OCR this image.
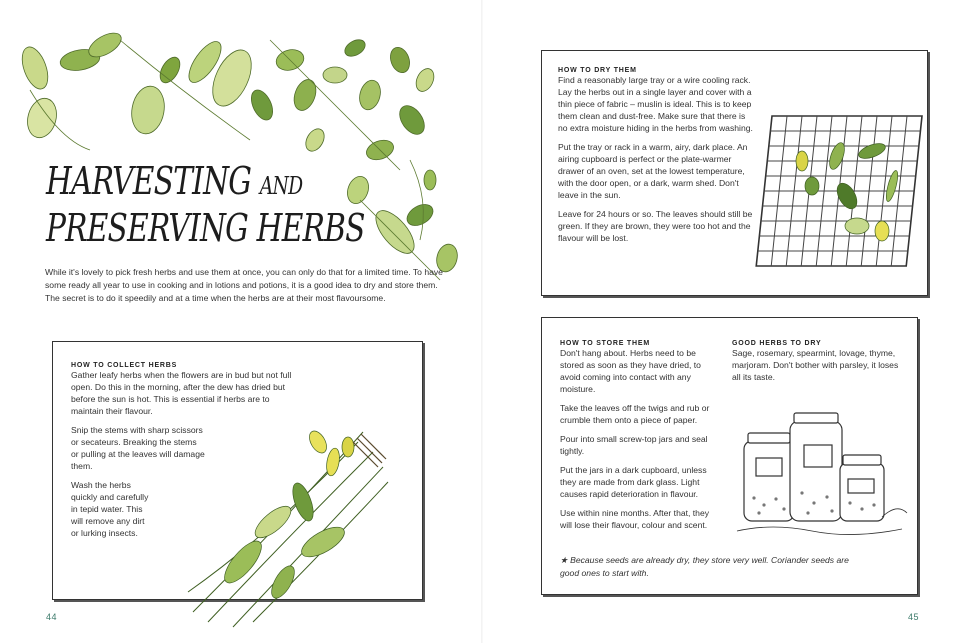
HARVESTING AND
PRESERVING HERBS
While it's lovely to pick fresh herbs and use them at once, you can only do that for a limited time. To have some ready all year to use in cooking and in lotions and potions, it is a good idea to dry and store them. The secret is to do it speedily and at a time when the herbs are at their most flavoursome.
HOW TO COLLECT HERBS

Gather leafy herbs when the flowers are in bud but not full open. Do this in the morning, after the dew has dried but before the sun is hot. This is essential if herbs are to maintain their flavour.

Snip the stems with sharp scissors or secateurs. Breaking the stems or pulling at the leaves will damage them.

Wash the herbs quickly and carefully in tepid water. This will remove any dirt or lurking insects.

44
HOW TO DRY THEM

Find a reasonably large tray or a wire cooling rack. Lay the herbs out in a single layer and cover with a thin piece of fabric – muslin is ideal. This is to keep them clean and dust-free. Make sure that there is no extra moisture hiding in the herbs from washing.

Put the tray or rack in a warm, airy, dark place. An airing cupboard is perfect or the plate-warmer drawer of an oven, set at the lowest temperature, with the door open, or a dark, warm shed. Don't leave in the sun.

Leave for 24 hours or so. The leaves should still be green. If they are brown, they were too hot and the flavour will be lost.

HOW TO STORE THEM

Don't hang about. Herbs need to be stored as soon as they have dried, to avoid coming into contact with any moisture.

Take the leaves off the twigs and rub or crumble them onto a piece of paper.

Pour into small screw-top jars and seal tightly.

Put the jars in a dark cupboard, unless they are made from dark glass. Light causes rapid deterioration in flavour.

Use within nine months. After that, they will lose their flavour, colour and scent.

GOOD HERBS TO DRY

Sage, rosemary, spearmint, lovage, thyme, marjoram. Don't bother with parsley, it loses all its taste.

★ Because seeds are already dry, they store very well. Coriander seeds are good ones to start with.
45
